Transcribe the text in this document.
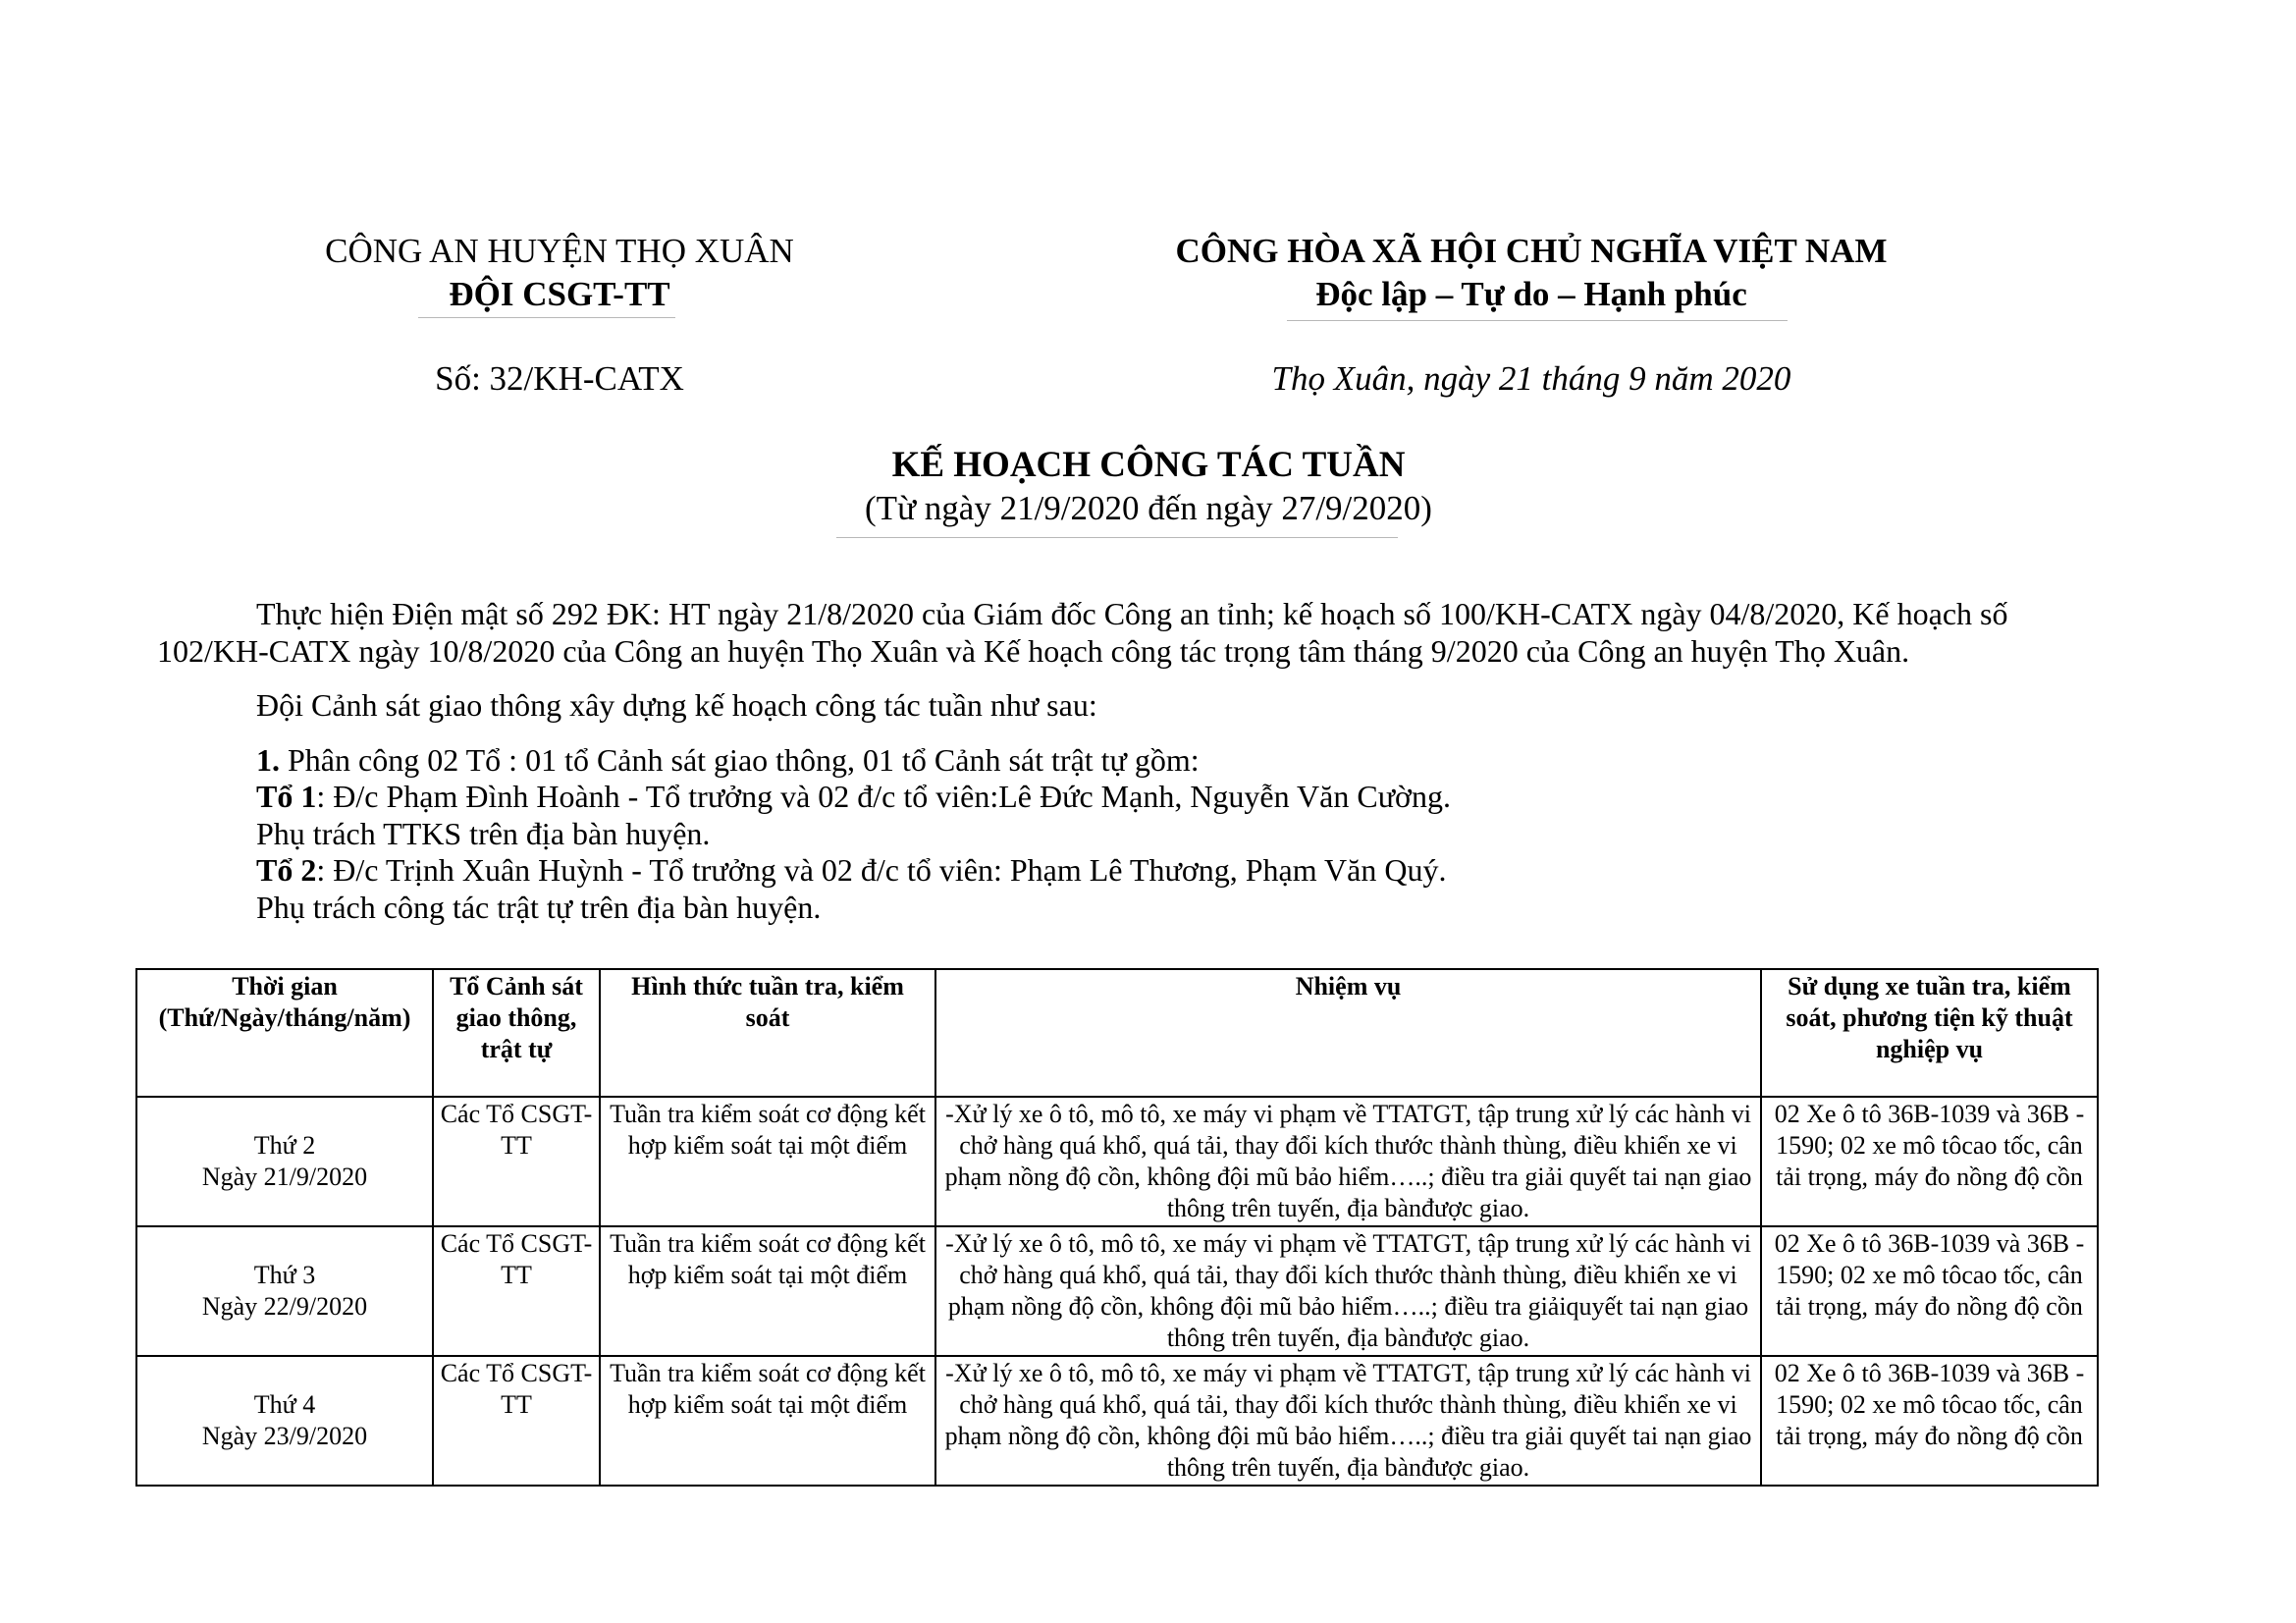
CÔNG AN HUYỆN THỌ XUÂN
ĐỘI CSGT-TT
Số: 32/KH-CATX
CÔNG HÒA XÃ HỘI CHỦ NGHĨA VIỆT NAM
Độc lập – Tự do – Hạnh phúc
Thọ Xuân, ngày 21 tháng 9 năm 2020
KẾ HOẠCH CÔNG TÁC TUẦN
(Từ ngày 21/9/2020 đến ngày 27/9/2020)
Thực hiện Điện mật số 292 ĐK: HT ngày 21/8/2020 của Giám đốc Công an tỉnh; kế hoạch số 100/KH-CATX ngày 04/8/2020, Kế hoạch số
102/KH-CATX ngày 10/8/2020 của Công an huyện Thọ Xuân và Kế hoạch công tác trọng tâm tháng 9/2020 của Công an huyện Thọ Xuân.
Đội Cảnh sát giao thông xây dựng kế hoạch công tác tuần như sau:
1. Phân công 02 Tổ : 01 tổ Cảnh sát giao thông, 01 tổ Cảnh sát trật tự gồm:
Tổ 1: Đ/c Phạm Đình Hoành - Tổ trưởng và 02 đ/c tổ viên:Lê Đức Mạnh, Nguyễn Văn Cường.
Phụ trách TTKS trên địa bàn huyện.
Tổ 2: Đ/c Trịnh Xuân Huỳnh - Tổ trưởng và 02 đ/c tổ viên: Phạm Lê Thương, Phạm Văn Quý.
Phụ trách công tác trật tự trên địa bàn huyện.
Thời gian (Thứ/Ngày/tháng/năm)	Tổ Cảnh sát giao thông, trật tự	Hình thức tuần tra, kiểm soát	Nhiệm vụ	Sử dụng xe tuần tra, kiểm soát, phương tiện kỹ thuật nghiệp vụ

Thứ 2
Ngày 21/9/2020	Các Tổ CSGT-TT	Tuần tra kiểm soát cơ động kết hợp kiểm soát tại một điểm	-Xử lý xe ô tô, mô tô, xe máy vi phạm về TTATGT, tập trung xử lý các hành vi chở hàng quá khổ, quá tải, thay đổi kích thước thành thùng, điều khiển xe vi phạm nồng độ cồn, không đội mũ bảo hiểm…..; điều tra giải quyết tai nạn giao thông trên tuyến, địa bànđược giao.	02 Xe ô tô 36B-1039 và 36B - 1590; 02 xe mô tôcao tốc, cân tải trọng, máy đo nồng độ cồn

Thứ 3
Ngày 22/9/2020	Các Tổ CSGT-TT	Tuần tra kiểm soát cơ động kết hợp kiểm soát tại một điểm	-Xử lý xe ô tô, mô tô, xe máy vi phạm về TTATGT, tập trung xử lý các hành vi chở hàng quá khổ, quá tải, thay đổi kích thước thành thùng, điều khiển xe vi phạm nồng độ cồn, không đội mũ bảo hiểm…..; điều tra giảiquyết tai nạn giao thông trên tuyến, địa bànđược giao.	02 Xe ô tô 36B-1039 và 36B - 1590; 02 xe mô tôcao tốc, cân tải trọng, máy đo nồng độ cồn

Thứ 4
Ngày 23/9/2020	Các Tổ CSGT-TT	Tuần tra kiểm soát cơ động kết hợp kiểm soát tại một điểm	-Xử lý xe ô tô, mô tô, xe máy vi phạm về TTATGT, tập trung xử lý các hành vi chở hàng quá khổ, quá tải, thay đổi kích thước thành thùng, điều khiển xe vi phạm nồng độ cồn, không đội mũ bảo hiểm…..; điều tra giải quyết tai nạn giao thông trên tuyến, địa bànđược giao.	02 Xe ô tô 36B-1039 và 36B - 1590; 02 xe mô tôcao tốc, cân tải trọng, máy đo nồng độ cồn
